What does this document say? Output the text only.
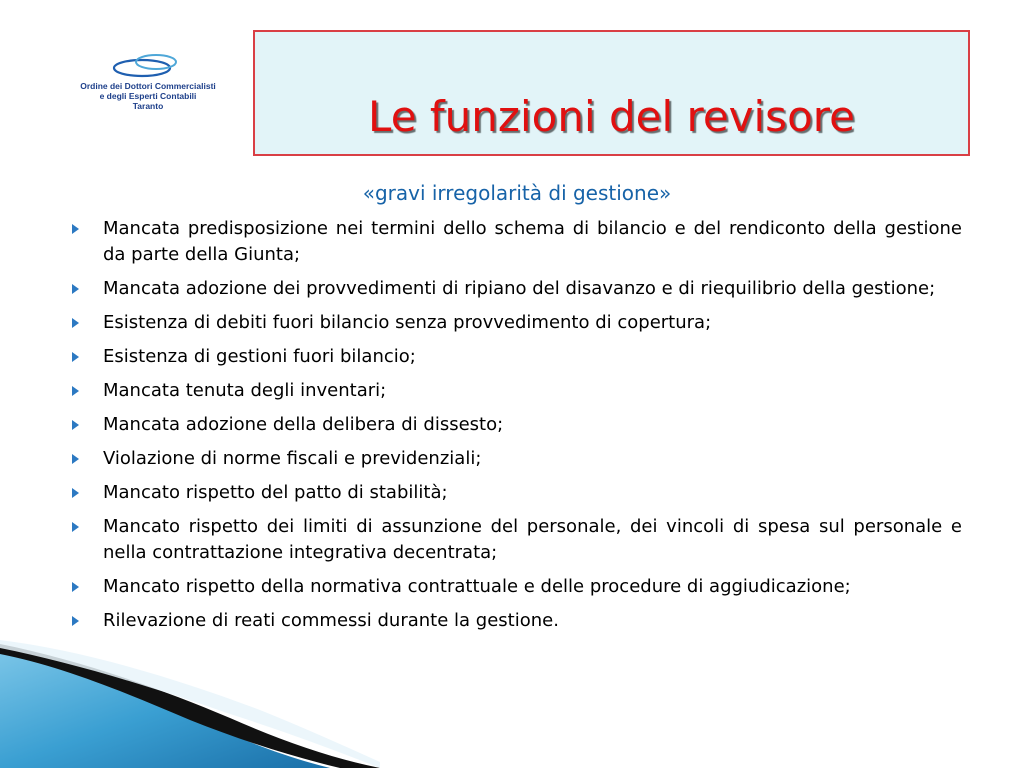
Ordine dei Dottori Commercialisti
e degli Esperti Contabili
Taranto	Le funzioni del revisore
«gravi irregolarità di gestione»
Mancata predisposizione nei termini dello schema di bilancio e del rendiconto della gestione da parte della Giunta;
Mancata adozione dei provvedimenti di ripiano del disavanzo e di riequilibrio della gestione;
Esistenza di debiti fuori bilancio senza provvedimento di copertura;
Esistenza di gestioni fuori bilancio;
Mancata tenuta degli inventari;
Mancata adozione della delibera di dissesto;
Violazione di norme fiscali e previdenziali;
Mancato rispetto del patto di stabilità;
Mancato rispetto dei limiti di assunzione del personale, dei vincoli di spesa sul personale e nella contrattazione integrativa decentrata;
Mancato rispetto della normativa contrattuale e delle procedure di aggiudicazione;
Rilevazione di reati commessi durante la gestione.
